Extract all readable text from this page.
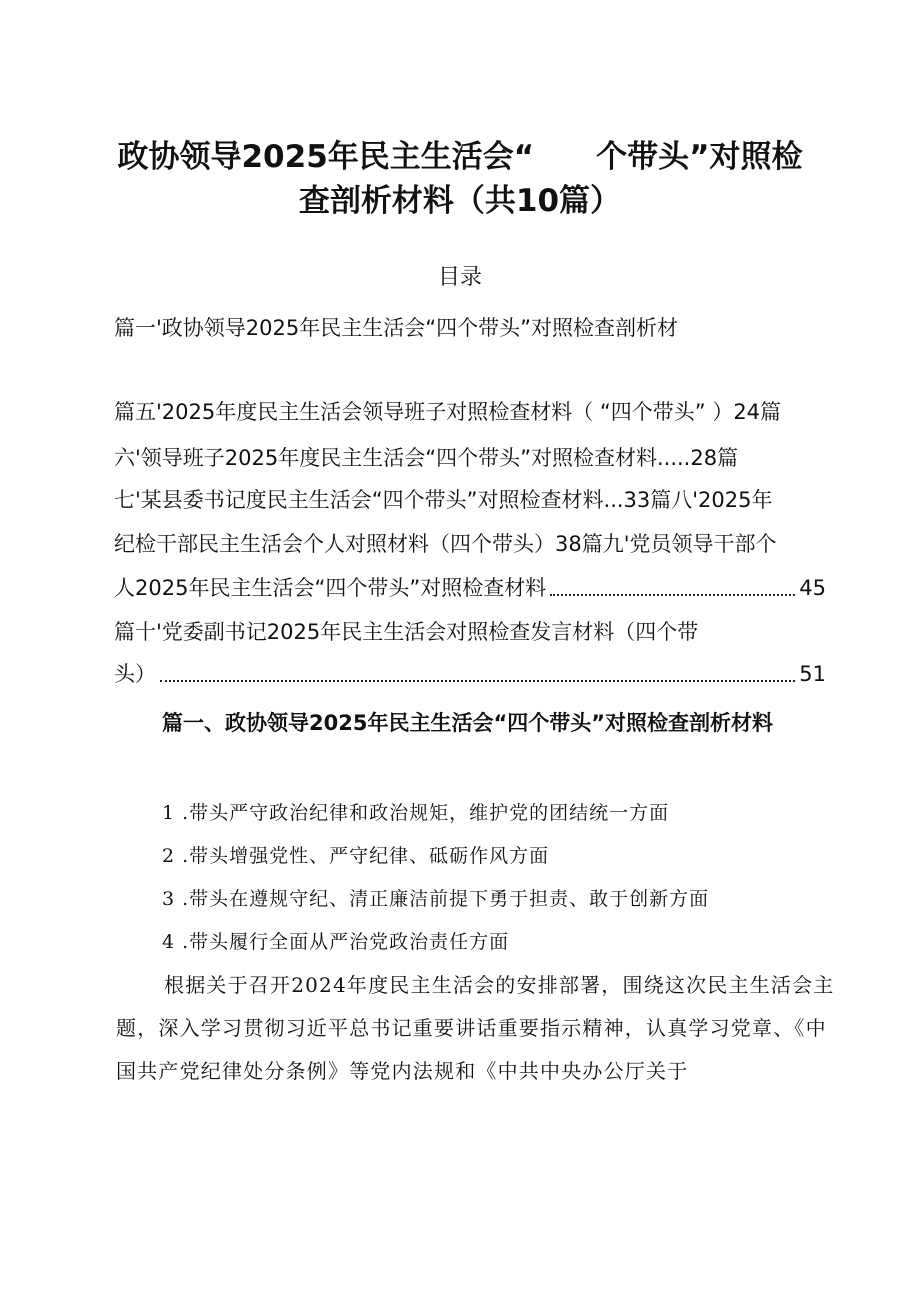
政协领导2025年民主生活会“　　个带头”对照检
查剖析材料（共10篇）
目录
篇一'政协领导2025年民主生活会“四个带头”对照检查剖析材
篇五'2025年度民主生活会领导班子对照检查材料（ “四个带头” ）24篇
六'领导班子2025年度民主生活会“四个带头”对照检查材料.....28篇
七'某县委书记度民主生活会“四个带头”对照检查材料...33篇八'2025年
纪检干部民主生活会个人对照材料（四个带头）38篇九'党员领导干部个
人2025年民主生活会“四个带头”对照检查材料	45
篇十'党委副书记2025年民主生活会对照检查发言材料（四个带
头）	51
篇一、政协领导2025年民主生活会“四个带头”对照检查剖析材料
1 .带头严守政治纪律和政治规矩，维护党的团结统一方面
2 .带头增强党性、严守纪律、砥砺作风方面
3 .带头在遵规守纪、清正廉洁前提下勇于担责、敢于创新方面
4 .带头履行全面从严治党政治责任方面
根据关于召开2024年度民主生活会的安排部署，围绕这次民主生活会主题，深入学习贯彻习近平总书记重要讲话重要指示精神，认真学习党章、《中国共产党纪律处分条例》等党内法规和《中共中央办公厅关于
